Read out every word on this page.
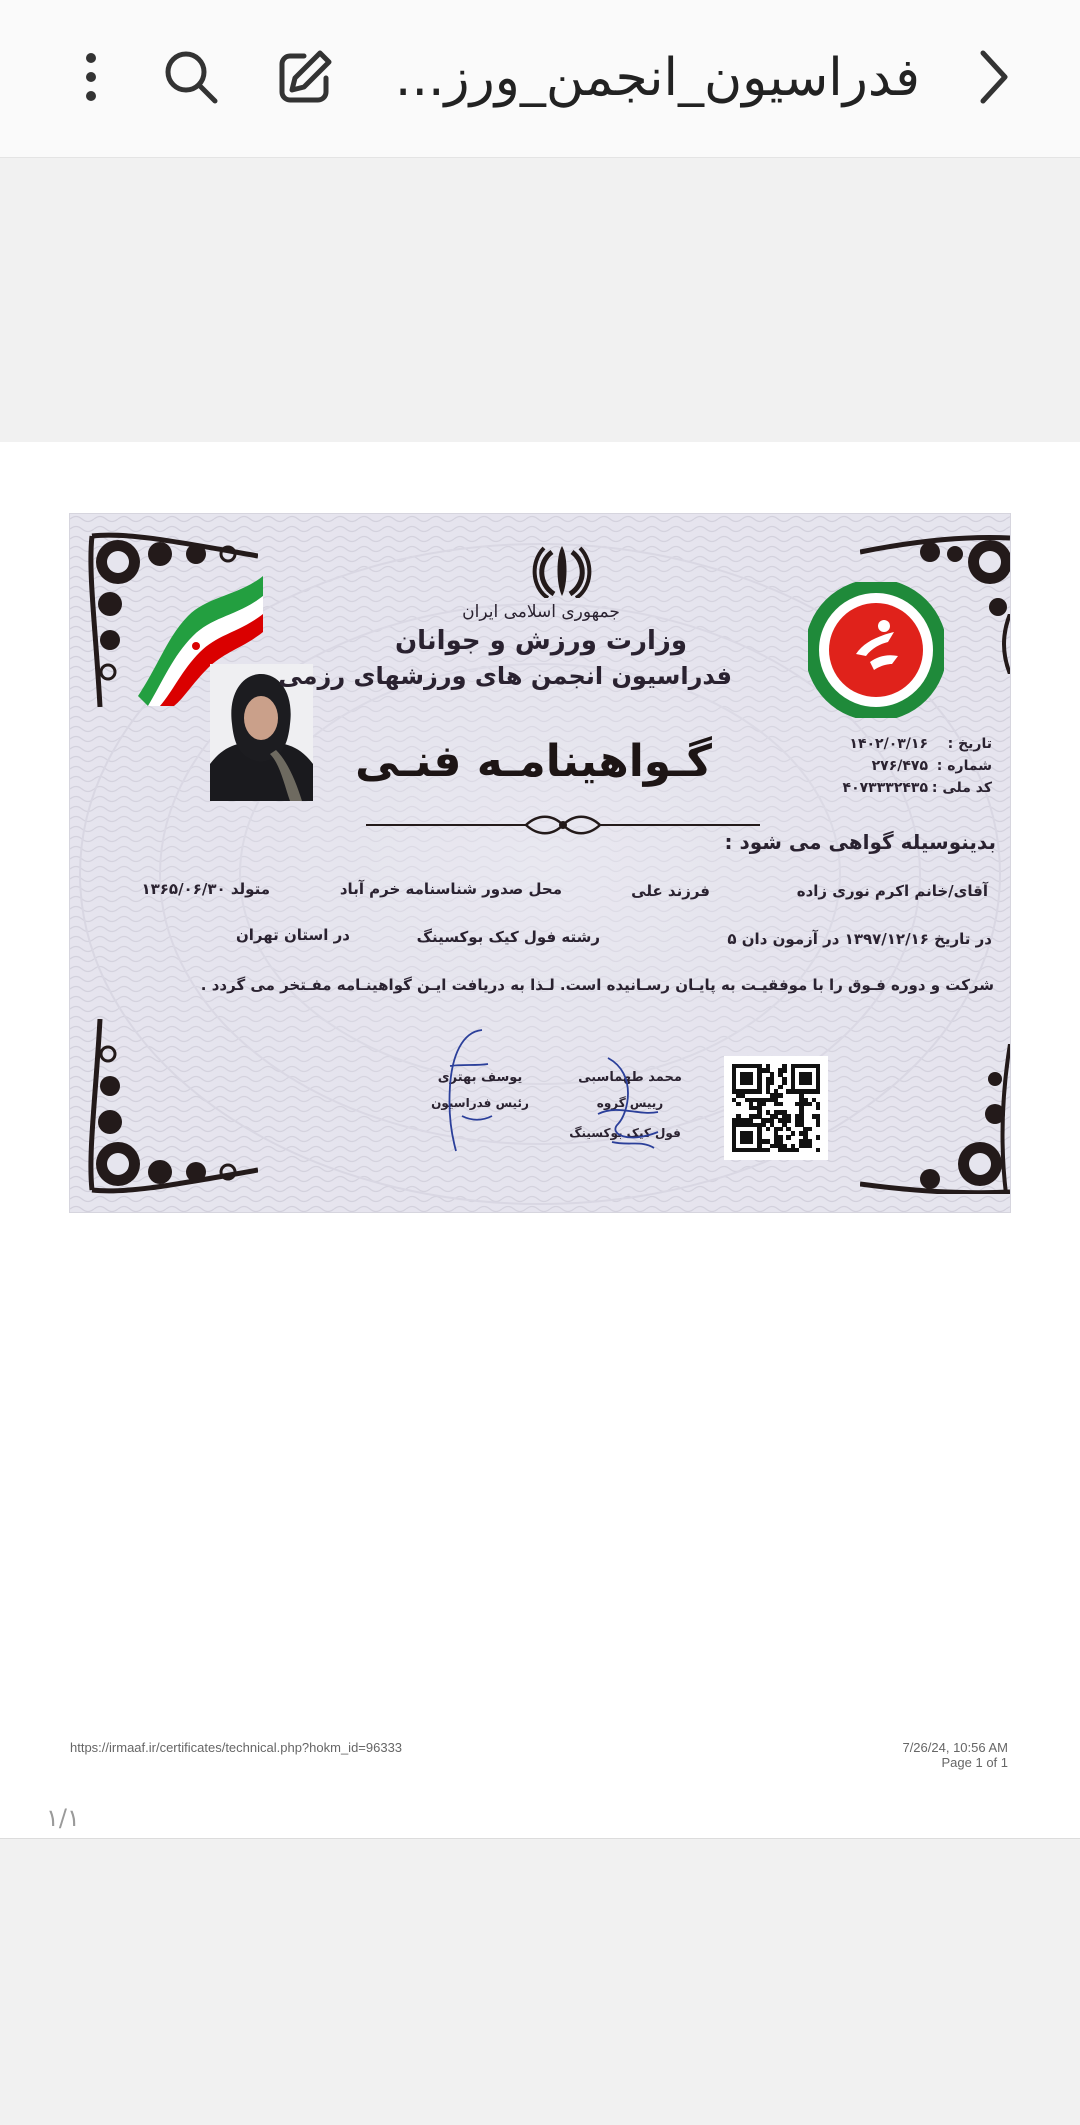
فدراسیون_انجمن_ورز...
جمهوری اسلامی ایران
وزارت ورزش و جوانان
فدراسیون انجمن های ورزشهای رزمی
گـواهینامـه فنـی	تاریخ :
۱۴۰۲/۰۳/۱۶
شماره :
۲۷۶/۴۷۵
کد ملی :
۴۰۷۳۳۳۲۴۳۵
بدینوسیله گواهی می شود :
آقای/خانم اکرم نوری زاده
فرزند علی
محل صدور شناسنامه خرم آباد
متولد ۱۳۶۵/۰۶/۳۰
در تاریخ ۱۳۹۷/۱۲/۱۶ در آزمون دان ۵
رشته فول کیک بوکسینگ
در استان تهران
شرکت و دوره فـوق را با موفقیـت به پایـان رسـانیده است. لـذا به دریافت ایـن گواهینـامه مفـتخر می گردد .
محمد طهماسبی
رییس گروه
فول کیک بوکسینگ
یوسف بهتری
رئیس فدراسیون
https://irmaaf.ir/certificates/technical.php?hokm_id=96333	7/26/24, 10:56 AM
Page 1 of 1
۱/۱
